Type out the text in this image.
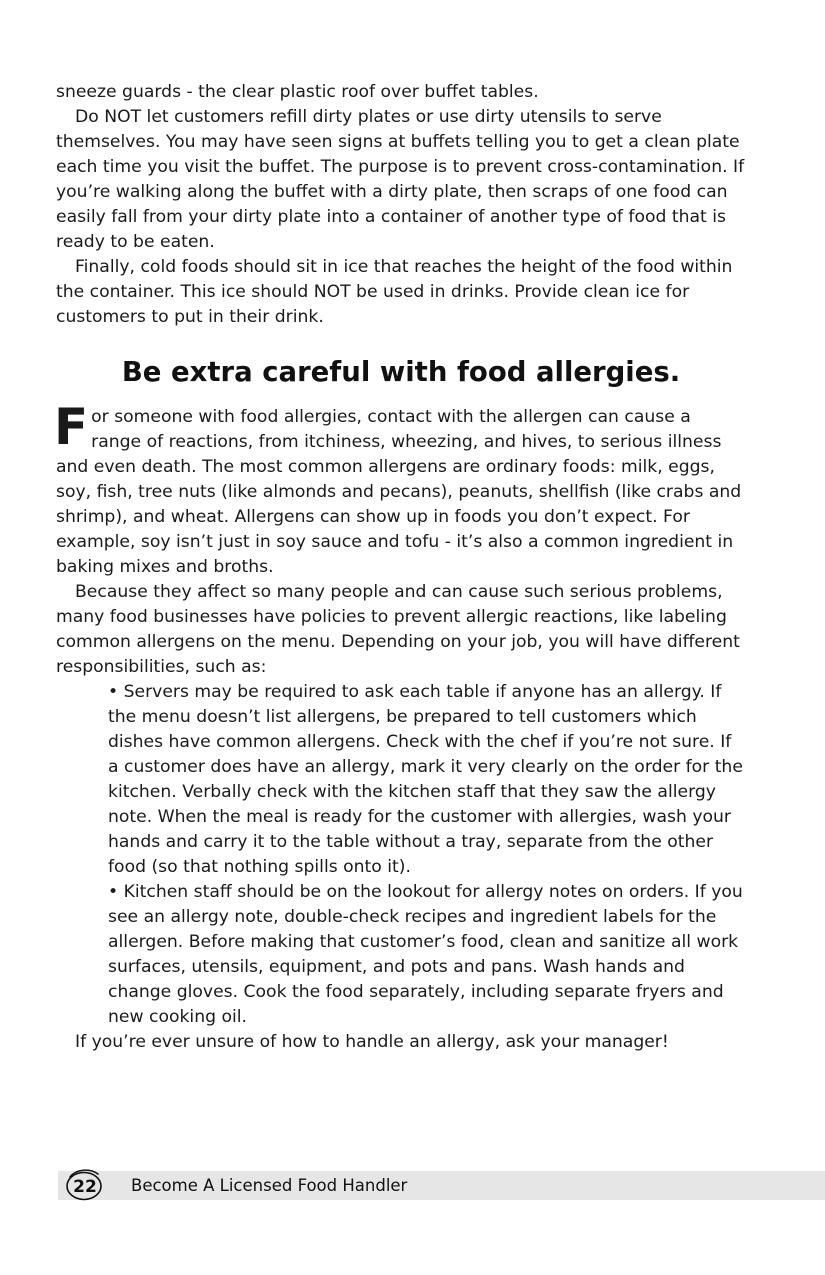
sneeze guards - the clear plastic roof over buffet tables.

Do NOT let customers refill dirty plates or use dirty utensils to serve themselves. You may have seen signs at buffets telling you to get a clean plate each time you visit the buffet. The purpose is to prevent cross-contamination. If you’re walking along the buffet with a dirty plate, then scraps of one food can easily fall from your dirty plate into a container of another type of food that is ready to be eaten.

Finally, cold foods should sit in ice that reaches the height of the food within the container. This ice should NOT be used in drinks. Provide clean ice for customers to put in their drink.

Be extra careful with food allergies.

For someone with food allergies, contact with the allergen can cause a range of reactions, from itchiness, wheezing, and hives, to serious illness and even death. The most common allergens are ordinary foods: milk, eggs, soy, fish, tree nuts (like almonds and pecans), peanuts, shellfish (like crabs and shrimp), and wheat. Allergens can show up in foods you don’t expect. For example, soy isn’t just in soy sauce and tofu - it’s also a common ingredient in baking mixes and broths.

Because they affect so many people and can cause such serious problems, many food businesses have policies to prevent allergic reactions, like labeling common allergens on the menu. Depending on your job, you will have different responsibilities, such as:

• Servers may be required to ask each table if anyone has an allergy. If the menu doesn’t list allergens, be prepared to tell customers which dishes have common allergens. Check with the chef if you’re not sure. If a customer does have an allergy, mark it very clearly on the order for the kitchen. Verbally check with the kitchen staff that they saw the allergy note. When the meal is ready for the customer with allergies, wash your hands and carry it to the table without a tray, separate from the other food (so that nothing spills onto it).

• Kitchen staff should be on the lookout for allergy notes on orders. If you see an allergy note, double-check recipes and ingredient labels for the allergen. Before making that customer’s food, clean and sanitize all work surfaces, utensils, equipment, and pots and pans. Wash hands and change gloves. Cook the food separately, including separate fryers and new cooking oil.

If you’re ever unsure of how to handle an allergy, ask your manager!

22	Become A Licensed Food Handler
